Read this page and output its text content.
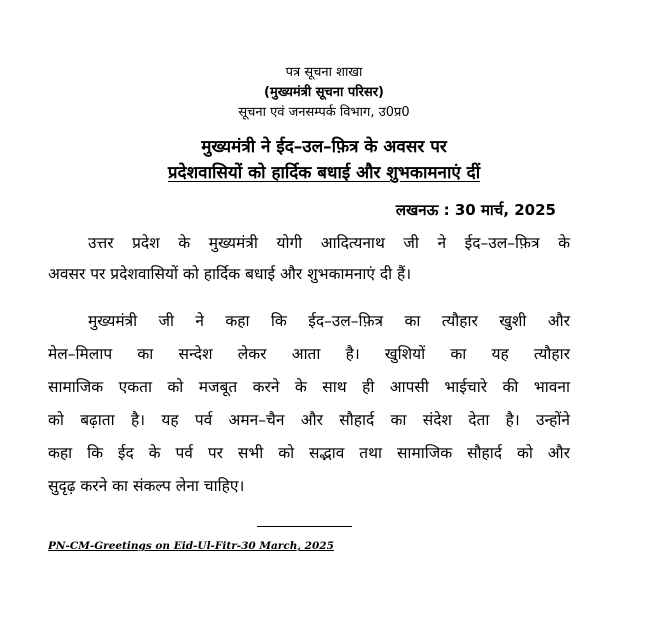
पत्र सूचना शाखा
(मुख्यमंत्री सूचना परिसर)
सूचना एवं जनसम्पर्क विभाग, उ0प्र0
मुख्यमंत्री ने ईद–उल–फ़ित्र के अवसर पर
प्रदेशवासियों को हार्दिक बधाई और शुभकामनाएं दीं
लखनऊ : 30 मार्च, 2025
उत्तर प्रदेश के मुख्यमंत्री योगी आदित्यनाथ जी ने ईद–उल–फ़ित्र के
अवसर पर प्रदेशवासियों को हार्दिक बधाई और शुभकामनाएं दी हैं।
मुख्यमंत्री जी ने कहा कि ईद–उल–फ़ित्र का त्यौहार खुशी और
मेल–मिलाप का सन्देश लेकर आता है। खुशियों का यह त्यौहार
सामाजिक एकता को मजबूत करने के साथ ही आपसी भाईचारे की भावना
को बढ़ाता है। यह पर्व अमन–चैन और सौहार्द का संदेश देता है। उन्होंने
कहा कि ईद के पर्व पर सभी को सद्भाव तथा सामाजिक सौहार्द को और
सुदृढ़ करने का संकल्प लेना चाहिए।
PN-CM-Greetings on Eid-Ul-Fitr-30 March, 2025
